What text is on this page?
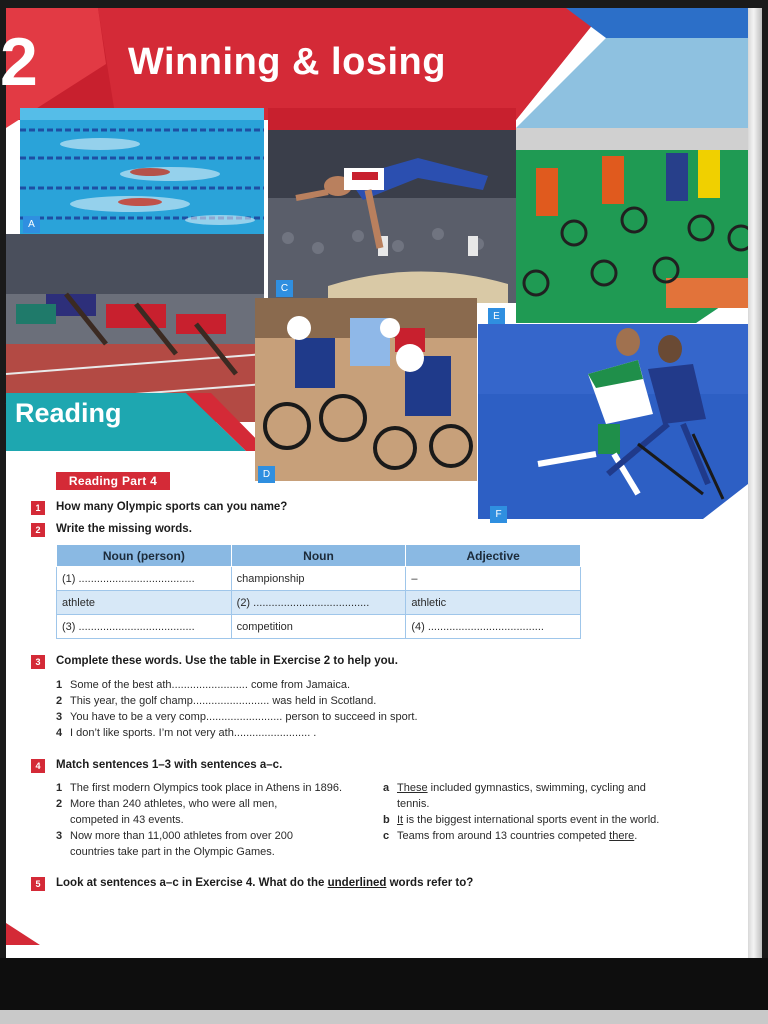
2 Winning & losing
A
C
E
Reading
D
F
Reading Part 4
1	How many Olympic sports can you name?
2	Write the missing words.
Noun (person)	Noun	Adjective
(1) ......................................	championship	–
athlete	(2) ......................................	athletic
(3) ......................................	competition	(4) ......................................
3	Complete these words. Use the table in Exercise 2 to help you.
1 Some of the best ath......................... come from Jamaica.
2 This year, the golf champ......................... was held in Scotland.
3 You have to be a very comp......................... person to succeed in sport.
4 I don’t like sports. I’m not very ath......................... .
4	Match sentences 1–3 with sentences a–c.
1 The first modern Olympics took place in Athens in 1896.
2 More than 240 athletes, who were all men,
competed in 43 events.
3 Now more than 11,000 athletes from over 200
countries take part in the Olympic Games.
a These included gymnastics, swimming, cycling and
tennis.
b It is the biggest international sports event in the world.
c Teams from around 13 countries competed there.
5	Look at sentences a–c in Exercise 4. What do the underlined words refer to?
